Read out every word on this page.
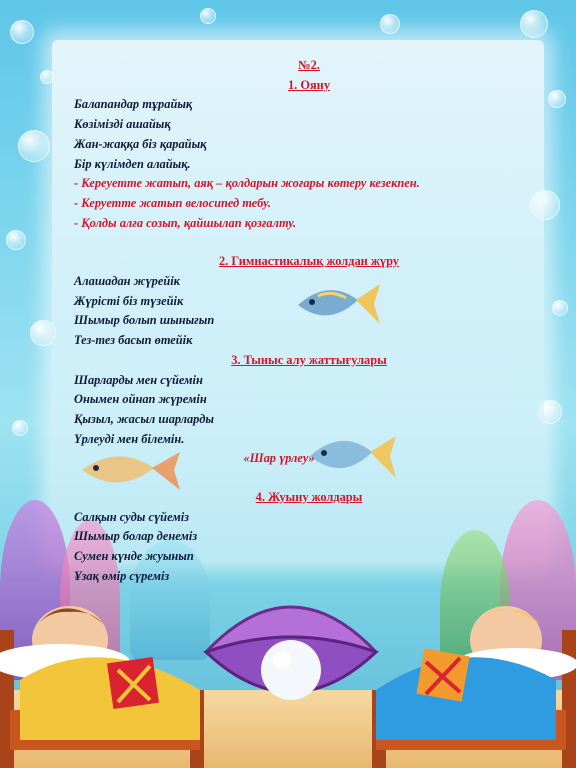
№2.
1. Ояну
Балапандар тұрайық
Көзімізді ашайық
Жан-жаққа біз қарайық
Бір күлімдеп алайық.
- Кереуетте жатып, аяқ – қолдарын жоғары көтеру кезекпен.
- Керуетте жатып велосипед тебу.
- Қолды алға созып, қайшылап қозғалту.
2. Гимнастикалық жолдан жүру
Алашадан жүрейік
Жүрісті біз түзейік
Шымыр болып шынығып
Тез-тез басып өтейік
3. Тыныс алу жаттығулары
Шарларды мен сүйемін
Онымен ойнап жүремін
Қызыл, жасыл шарларды
Үрлеуді мен білемін.
«Шар үрлеу»
4. Жуыну жолдары
Салқын суды сүйеміз
Шымыр болар денеміз
Сумен күнде жуынып
Ұзақ өмір сүреміз
